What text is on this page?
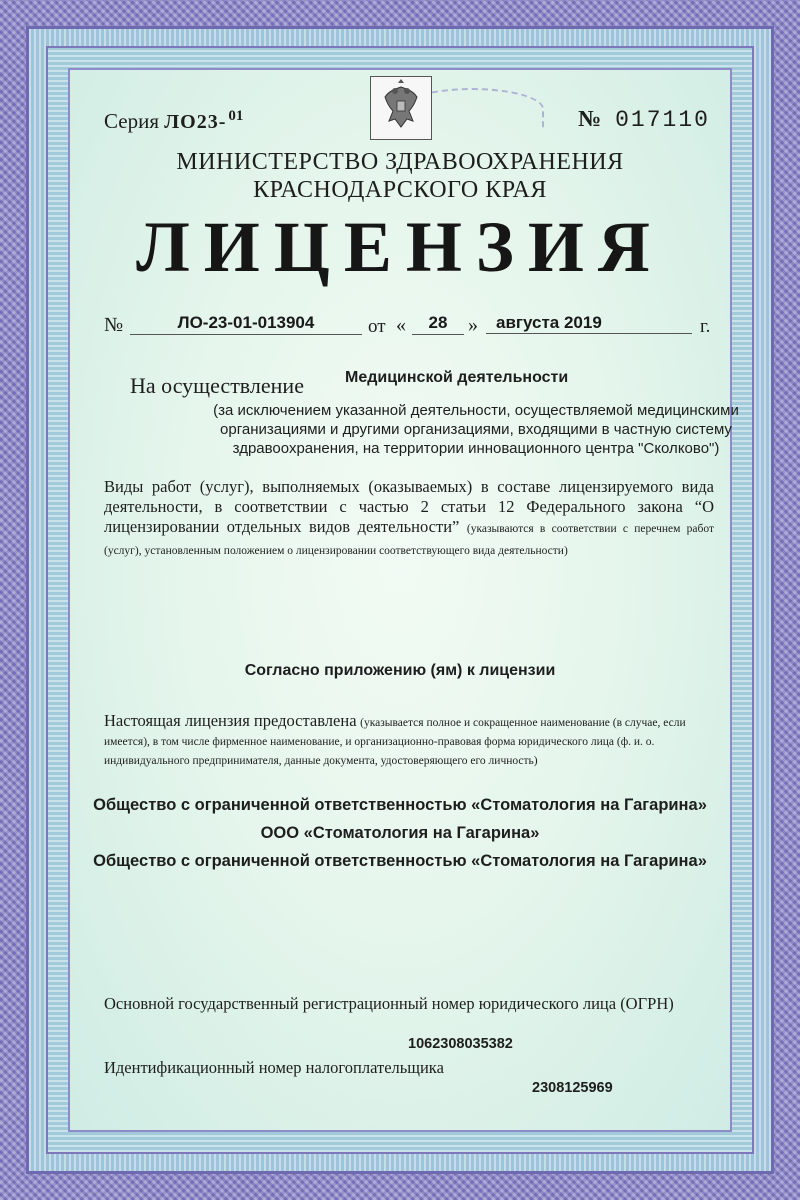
Серия ЛО23- $^{01}$	№ 017110
МИНИСТЕРСТВО ЗДРАВООХРАНЕНИЯ
КРАСНОДАРСКОГО КРАЯ
ЛИЦЕНЗИЯ
№	ЛО-23-01-013904	от «	28	»	августа 2019	г.
На осуществление	Медицинской деятельности
(за исключением указанной деятельности, осуществляемой медицинскими организациями и другими организациями, входящими в частную систему здравоохранения, на территории инновационного центра "Сколково")
Виды работ (услуг), выполняемых (оказываемых) в составе лицензируемого вида деятельности, в соответствии с частью 2 статьи 12 Федерального закона “О лицензировании отдельных видов деятельности” (указываются в соответствии с перечнем работ (услуг), установленным положением о лицензировании соответствующего вида деятельности)
Согласно приложению (ям) к лицензии
Настоящая лицензия предоставлена (указывается полное и сокращенное наименование (в случае, если имеется), в том числе фирменное наименование, и организационно-правовая форма юридического лица (ф. и. о. индивидуального предпринимателя, данные документа, удостоверяющего его личность)
Общество с ограниченной ответственностью «Стоматология на Гагарина»
ООО «Стоматология на Гагарина»
Общество с ограниченной ответственностью «Стоматология на Гагарина»
Основной государственный регистрационный номер юридического лица (ОГРН)
1062308035382
Идентификационный номер налогоплательщика
2308125969
